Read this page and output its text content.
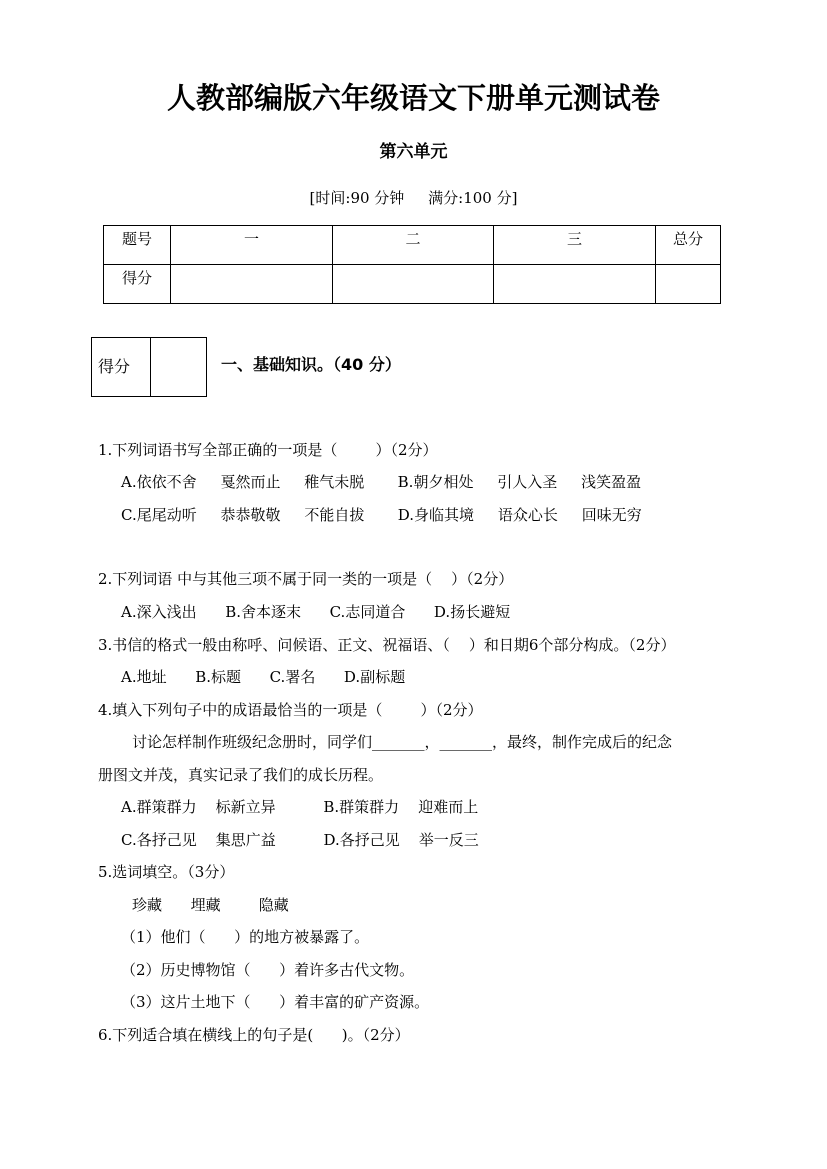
人教部编版六年级语文下册单元测试卷
第六单元
[时间:90 分钟     满分:100 分]
题号	一	二	三	总分
得分				
得分	一、基础知识。（40 分）
1.下列词语书写全部正确的一项是（        ）（2分）
A.依依不舍     戛然而止     稚气未脱       B.朝夕相处     引人入圣     浅笑盈盈
C.尾尾动听     恭恭敬敬     不能自拔       D.身临其境     语众心长     回味无穷
2.下列词语 中与其他三项不属于同一类的一项是（    ）（2分）
A.深入浅出      B.舍本逐末      C.志同道合      D.扬长避短
3.书信的格式一般由称呼、问候语、正文、祝福语、（    ）和日期6个部分构成。（2分）
A.地址      B.标题      C.署名      D.副标题
4.填入下列句子中的成语最恰当的一项是（        ）（2分）
讨论怎样制作班级纪念册时，同学们_______，_______，最终，制作完成后的纪念
册图文并茂，真实记录了我们的成长历程。
A.群策群力    标新立异          B.群策群力    迎难而上
C.各抒己见    集思广益          D.各抒己见    举一反三
5.选词填空。（3分）
珍藏      埋藏        隐藏
（1）他们（      ）的地方被暴露了。
（2）历史博物馆（      ）着许多古代文物。
（3）这片土地下（      ）着丰富的矿产资源。
6.下列适合填在横线上的句子是(      )。（2分）
